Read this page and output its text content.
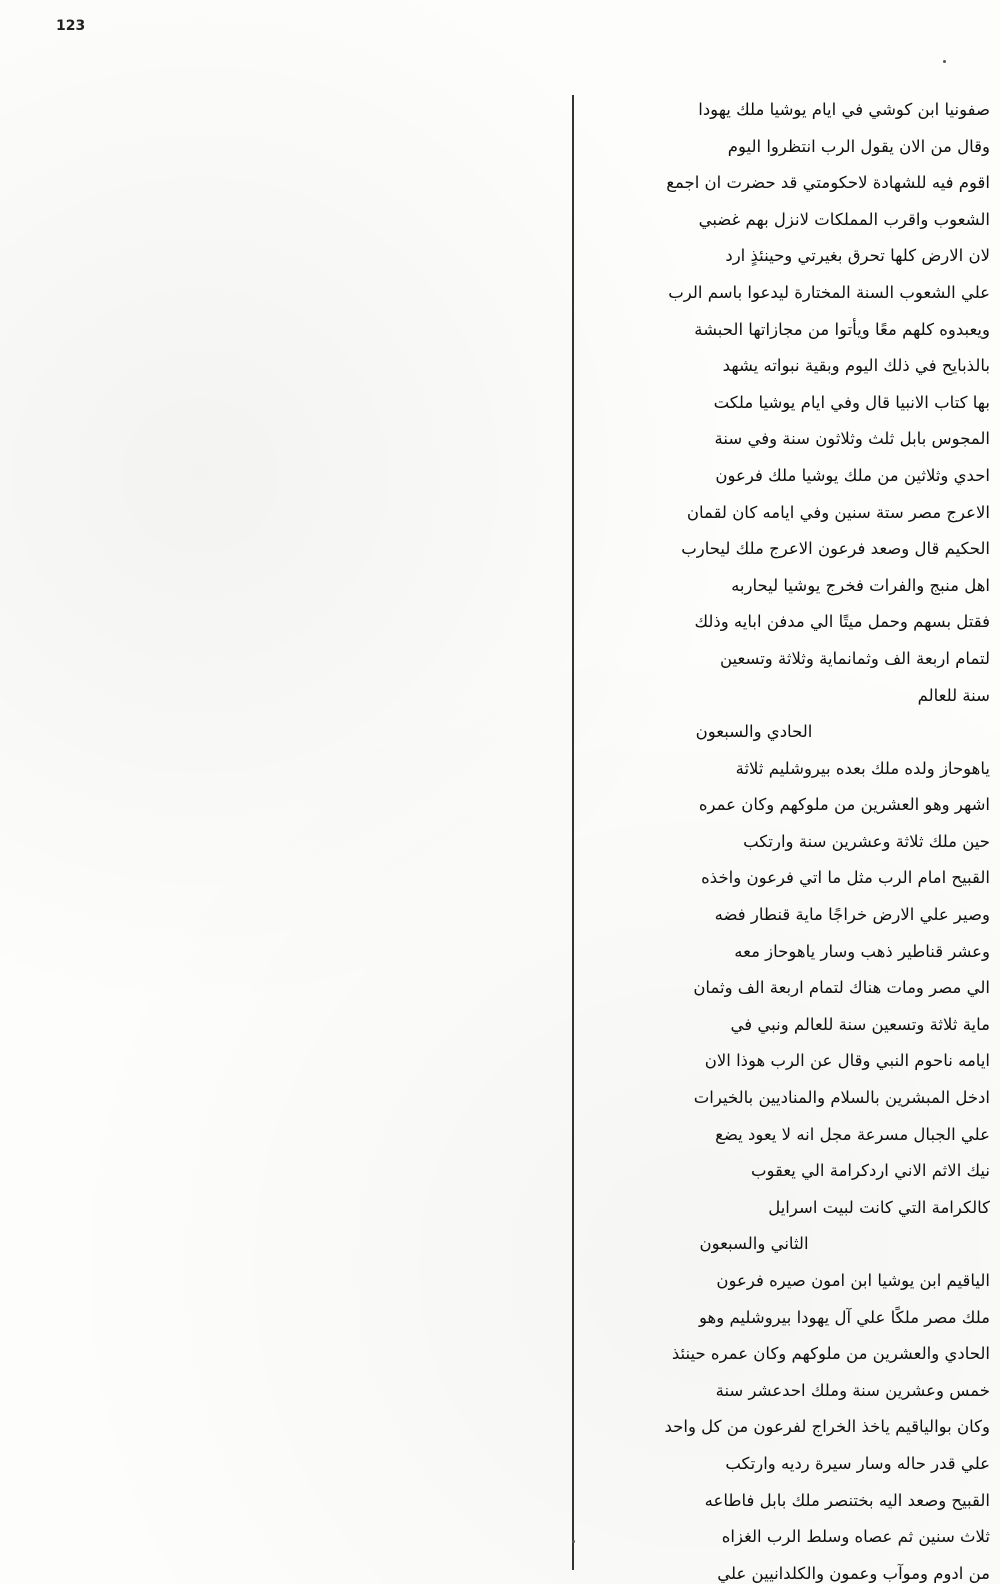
123
صفونيا ابن كوشي في ايام يوشيا ملك يهودا
وقال من الان يقول الرب انتظروا اليوم
اقوم فيه للشهادة لاحكومتي قد حضرت ان اجمع
الشعوب واقرب المملكات لانزل بهم غضبي
لان الارض كلها تحرق بغيرتي وحينئذٍ ارد
علي الشعوب السنة المختارة ليدعوا باسم الرب
ويعبدوه كلهم معًا ويأتوا من مجازاتها الحبشة
بالذبايح في ذلك اليوم وبقية نبواته يشهد
بها كتاب الانبيا قال وفي ايام يوشيا ملكت
المجوس بابل ثلث وثلاثون سنة وفي سنة
احدي وثلاثين من ملك يوشيا ملك فرعون
الاعرج مصر ستة سنين وفي ايامه كان لقمان
الحكيم قال وصعد فرعون الاعرج ملك ليحارب
اهل منبج والفرات فخرج يوشيا ليحاربه
فقتل بسهم وحمل ميتًا الي مدفن ابايه وذلك
لتمام اربعة الف وثمانماية وثلاثة وتسعين
سنة للعالم
الحادي والسبعون
ياهوحاز ولده ملك بعده بيروشليم ثلاثة
اشهر وهو العشرين من ملوكهم وكان عمره
حين ملك ثلاثة وعشرين سنة وارتكب
القبيح امام الرب مثل ما اتي فرعون واخذه
وصير علي الارض خراجًا ماية قنطار فضه
وعشر قناطير ذهب وسار ياهوحاز معه
الي مصر ومات هناك لتمام اربعة الف وثمان
ماية ثلاثة وتسعين سنة للعالم ونبي في
ايامه ناحوم النبي وقال عن الرب هوذا الان
ادخل المبشرين بالسلام والمناديين بالخيرات
علي الجبال مسرعة مجل انه لا يعود يضع
نيك الاثم الاني اردكرامة الي يعقوب
كالكرامة التي كانت لبيت اسرايل
الثاني والسبعون
الياقيم ابن يوشيا ابن امون صيره فرعون
ملك مصر ملكًا علي آل يهودا بيروشليم وهو
الحادي والعشرين من ملوكهم وكان عمره حينئذ
خمس وعشرين سنة وملك احدعشر سنة
وكان بوالياقيم ياخذ الخراج لفرعون من كل واحد
علي قدر حاله وسار سيرة رديه وارتكب
القبيح وصعد اليه بختنصر ملك بابل فاطاعه
ثلاث سنين ثم عصاه وسلط الرب الغزاه
من ادوم وموآب وعمون والكلدانيين علي
